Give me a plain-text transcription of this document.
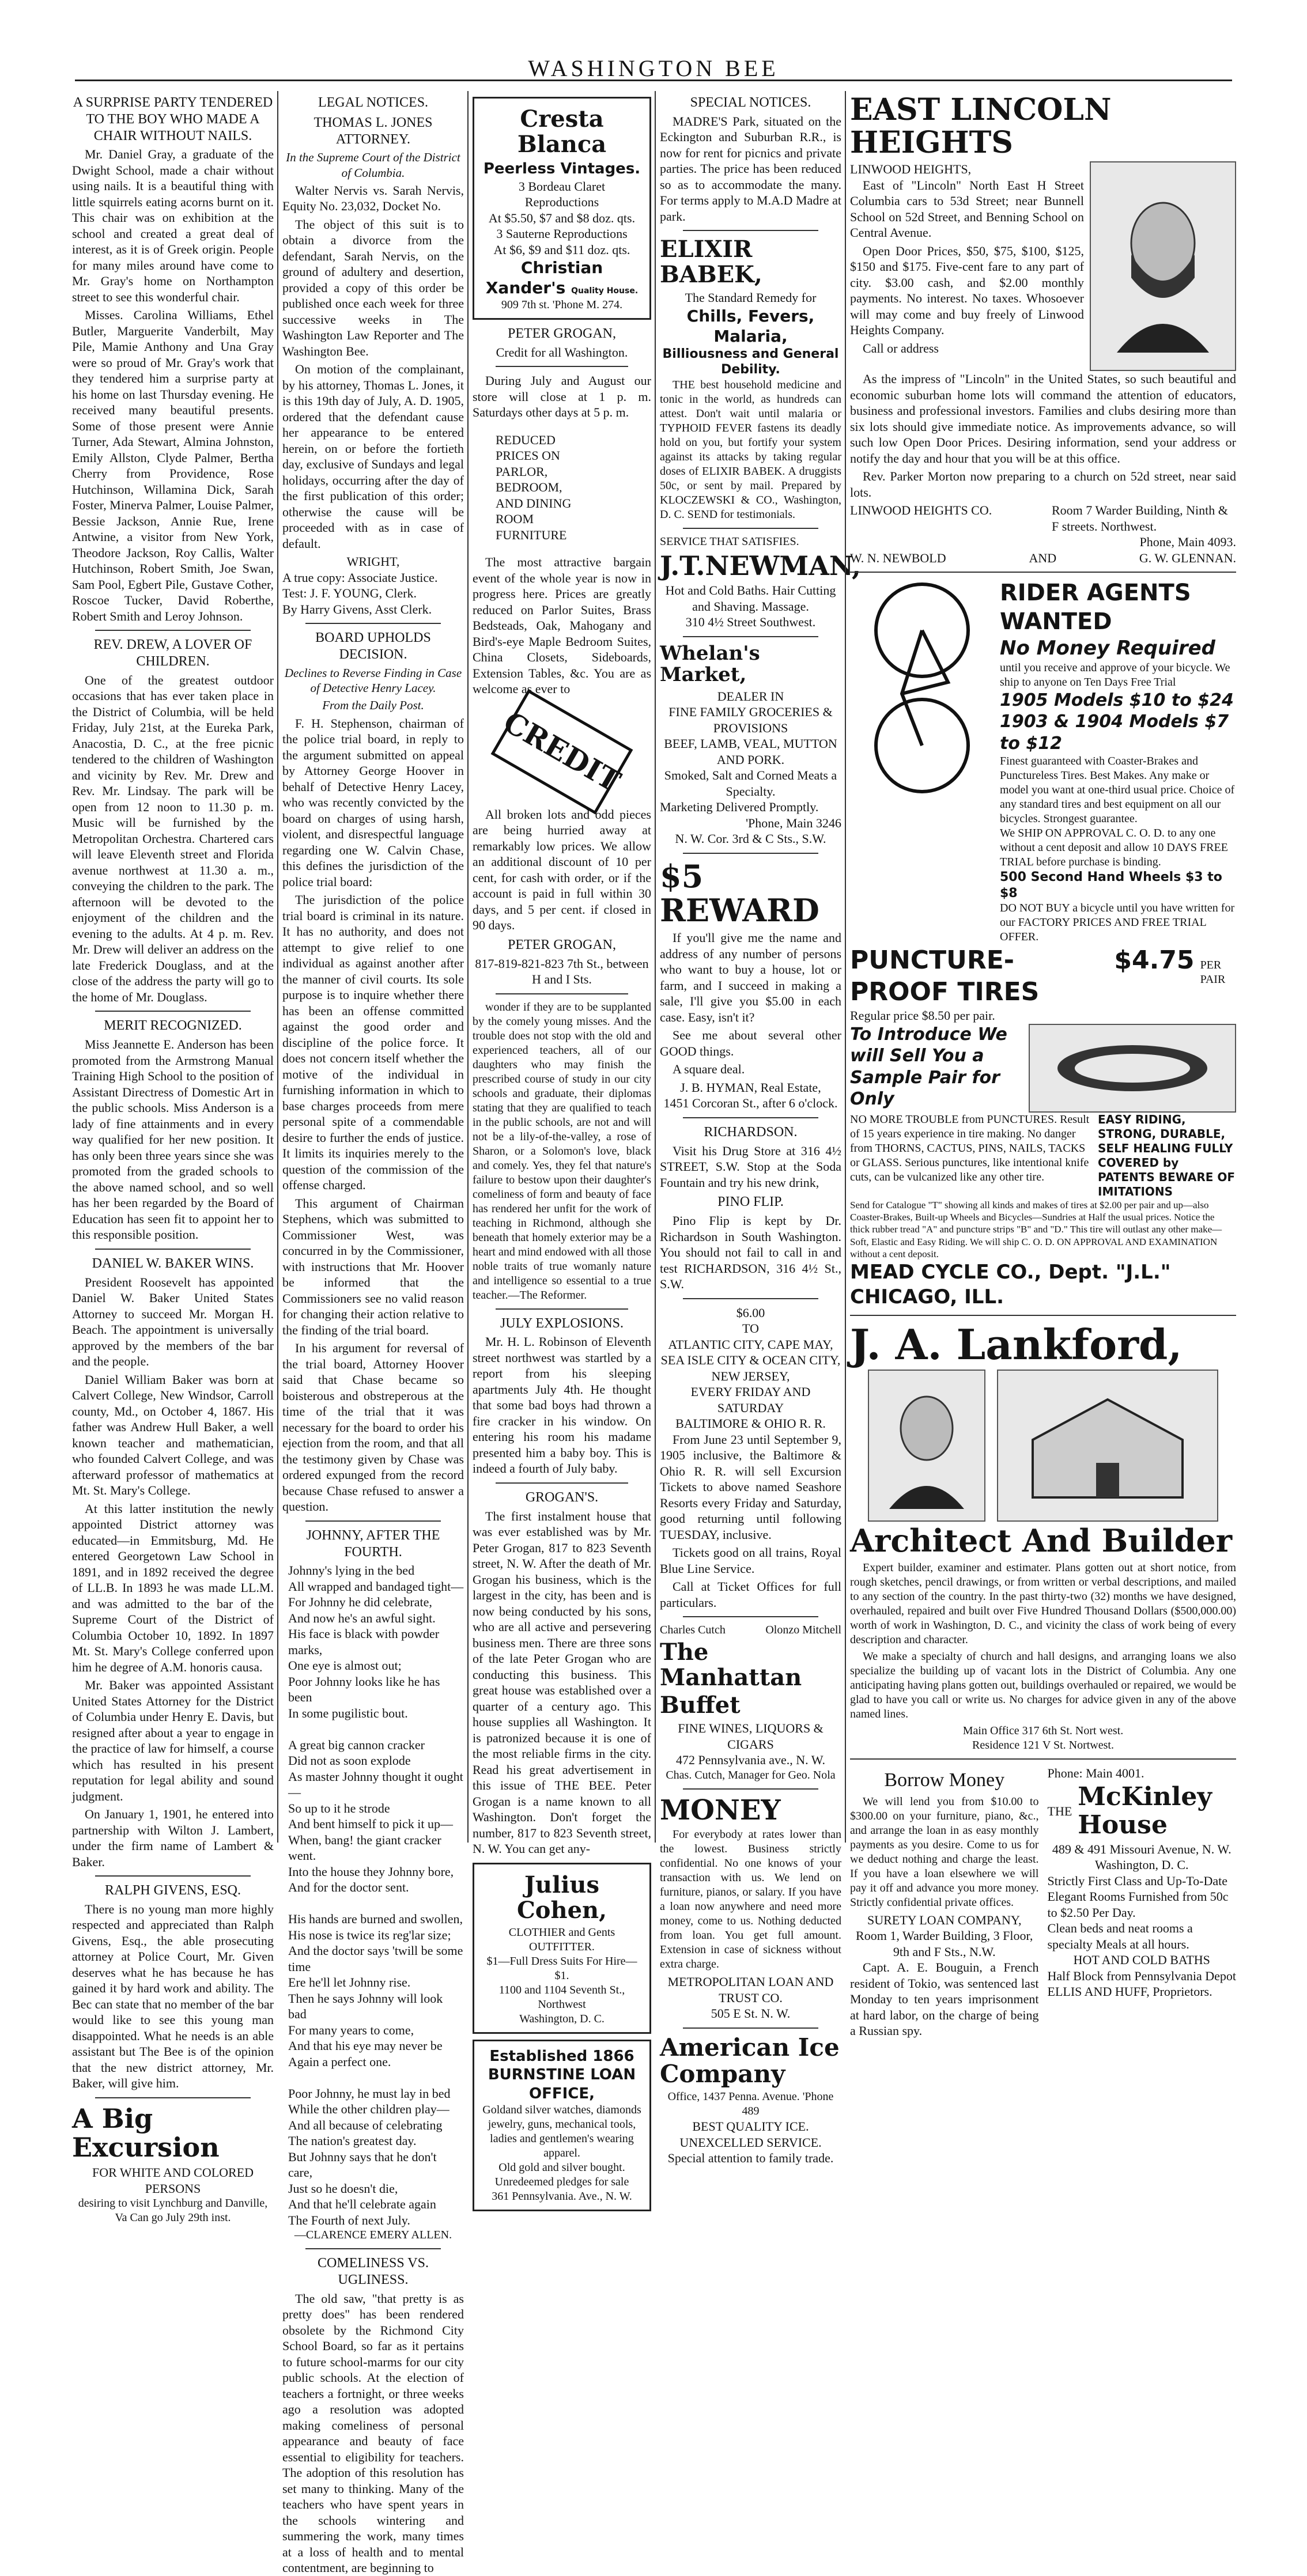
WASHINGTON BEE
A SURPRISE PARTY TENDERED TO THE BOY WHO MADE A CHAIR WITHOUT NAILS.

Mr. Daniel Gray, a graduate of the Dwight School, made a chair without using nails. It is a beautiful thing with little squirrels eating acorns burnt on it. This chair was on exhibition at the school and created a great deal of interest, as it is of Greek origin. People for many miles around have come to Mr. Gray's home on Northampton street to see this wonderful chair.

Misses. Carolina Williams, Ethel Butler, Marguerite Vanderbilt, May Pile, Mamie Anthony and Una Gray were so proud of Mr. Gray's work that they tendered him a surprise party at his home on last Thursday evening. He received many beautiful presents. Some of those present were Annie Turner, Ada Stewart, Almina Johnston, Emily Allston, Clyde Palmer, Bertha Cherry from Providence, Rose Hutchinson, Willamina Dick, Sarah Foster, Minerva Palmer, Louise Palmer, Bessie Jackson, Annie Rue, Irene Antwine, a visitor from New York, Theodore Jackson, Roy Callis, Walter Hutchinson, Robert Smith, Joe Swan, Sam Pool, Egbert Pile, Gustave Cother, Roscoe Tucker, David Roberthe, Robert Smith and Leroy Johnson.

REV. DREW, A LOVER OF CHILDREN.

One of the greatest outdoor occasions that has ever taken place in the District of Columbia, will be held Friday, July 21st, at the Eureka Park, Anacostia, D. C., at the free picnic tendered to the children of Washington and vicinity by Rev. Mr. Drew and Rev. Mr. Lindsay. The park will be open from 12 noon to 11.30 p. m. Music will be furnished by the Metropolitan Orchestra. Chartered cars will leave Eleventh street and Florida avenue northwest at 11.30 a. m., conveying the children to the park. The afternoon will be devoted to the enjoyment of the children and the evening to the adults. At 4 p. m. Rev. Mr. Drew will deliver an address on the late Frederick Douglass, and at the close of the address the party will go to the home of Mr. Douglass.

MERIT RECOGNIZED.

Miss Jeannette E. Anderson has been promoted from the Armstrong Manual Training High School to the position of Assistant Directress of Domestic Art in the public schools. Miss Anderson is a lady of fine attainments and in every way qualified for her new position. It has only been three years since she was promoted from the graded schools to the above named school, and so well has her been regarded by the Board of Education has seen fit to appoint her to this responsible position.

DANIEL W. BAKER WINS.

President Roosevelt has appointed Daniel W. Baker United States Attorney to succeed Mr. Morgan H. Beach. The appointment is universally approved by the members of the bar and the people.

Daniel William Baker was born at Calvert College, New Windsor, Carroll county, Md., on October 4, 1867. His father was Andrew Hull Baker, a well known teacher and mathematician, who founded Calvert College, and was afterward professor of mathematics at Mt. St. Mary's College.

At this latter institution the newly appointed District attorney was educated—in Emmitsburg, Md. He entered Georgetown Law School in 1891, and in 1892 received the degree of LL.B. In 1893 he was made LL.M. and was admitted to the bar of the Supreme Court of the District of Columbia October 10, 1892. In 1897 Mt. St. Mary's College conferred upon him he degree of A.M. honoris causa.

Mr. Baker was appointed Assistant United States Attorney for the District of Columbia under Henry E. Davis, but resigned after about a year to engage in the practice of law for himself, a course which has resulted in his present reputation for legal ability and sound judgment.

On January 1, 1901, he entered into partnership with Wilton J. Lambert, under the firm name of Lambert & Baker.

RALPH GIVENS, ESQ.

There is no young man more highly respected and appreciated than Ralph Givens, Esq., the able prosecuting attorney at Police Court, Mr. Given deserves what he has because he has gained it by hard work and ability. The Bec can state that no member of the bar would like to see this young man disappointed. What he needs is an able assistant but The Bee is of the opinion that the new district attorney, Mr. Baker, will give him.

A Big Excursion
FOR WHITE AND COLORED PERSONS
desiring to visit Lynchburg and Danville, Va Can go July 29th inst.
LEGAL NOTICES.
THOMAS L. JONES ATTORNEY.
In the Supreme Court of the District of Columbia.

Walter Nervis vs. Sarah Nervis, Equity No. 23,032, Docket No.

The object of this suit is to obtain a divorce from the defendant, Sarah Nervis, on the ground of adultery and desertion, provided a copy of this order be published once each week for three successive weeks in The Washington Law Reporter and The Washington Bee.

On motion of the complainant, by his attorney, Thomas L. Jones, it is this 19th day of July, A. D. 1905, ordered that the defendant cause her appearance to be entered herein, on or before the fortieth day, exclusive of Sundays and legal holidays, occurring after the day of the first publication of this order; otherwise the cause will be proceeded with as in case of default.

WRIGHT,
A true copy: Associate Justice.
Test: J. F. YOUNG, Clerk.
By Harry Givens, Asst Clerk.
BOARD UPHOLDS DECISION.
Declines to Reverse Finding in Case of Detective Henry Lacey.
From the Daily Post.

F. H. Stephenson, chairman of the police trial board, in reply to the argument submitted on appeal by Attorney George Hoover in behalf of Detective Henry Lacey, who was recently convicted by the board on charges of using harsh, violent, and disrespectful language regarding one W. Calvin Chase, this defines the jurisdiction of the police trial board:

The jurisdiction of the police trial board is criminal in its nature. It has no authority, and does not attempt to give relief to one individual as against another after the manner of civil courts. Its sole purpose is to inquire whether there has been an offense committed against the good order and discipline of the police force. It does not concern itself whether the motive of the individual in furnishing information in which to base charges proceeds from mere personal spite of a commendable desire to further the ends of justice. It limits its inquiries merely to the question of the commission of the offense charged.

This argument of Chairman Stephens, which was submitted to Commissioner West, was concurred in by the Commissioner, with instructions that Mr. Hoover be informed that the Commissioners see no valid reason for changing their action relative to the finding of the trial board.

In his argument for reversal of the trial board, Attorney Hoover said that Chase became so boisterous and obstreperous at the time of the trial that it was necessary for the board to order his ejection from the room, and that all the testimony given by Chase was ordered expunged from the record because Chase refused to answer a question.

JOHNNY, AFTER THE FOURTH.
Johnny's lying in the bed
All wrapped and bandaged tight—
For Johnny he did celebrate,
And now he's an awful sight.
His face is black with powder marks,
One eye is almost out;
Poor Johnny looks like he has been
In some pugilistic bout.

A great big cannon cracker
Did not as soon explode
As master Johnny thought it ought—
So up to it he strode
And bent himself to pick it up—
When, bang! the giant cracker went.
Into the house they Johnny bore,
And for the doctor sent.

His hands are burned and swollen,
His nose is twice its reg'lar size;
And the doctor says 'twill be some time
Ere he'll let Johnny rise.
Then he says Johnny will look bad
For many years to come,
And that his eye may never be
Again a perfect one.

Poor Johnny, he must lay in bed
While the other children play—
And all because of celebrating
The nation's greatest day.
But Johnny says that he don't care,
Just so he doesn't die,
And that he'll celebrate again
The Fourth of next July.
—CLARENCE EMERY ALLEN.
COMELINESS VS. UGLINESS.

The old saw, "that pretty is as pretty does" has been rendered obsolete by the Richmond City School Board, so far as it pertains to future school-marms for our city public schools. At the election of teachers a fortnight, or three weeks ago a resolution was adopted making comeliness of personal appearance and beauty of face essential to eligibility for teachers. The adoption of this resolution has set many to thinking. Many of the teachers who have spent years in the schools wintering and summering the work, many times at a loss of health and to mental contentment, are beginning to

Cresta Blanca
Peerless Vintages.
3 Bordeau Claret Reproductions
At $5.50, $7 and $8 doz. qts.
3 Sauterne Reproductions
At $6, $9 and $11 doz. qts.
Christian Xander's Quality House.
909 7th st. 'Phone M. 274.
PETER GROGAN,
Credit for all Washington.

During July and August our store will close at 1 p. m. Saturdays other days at 5 p. m.

REDUCED PRICES ON PARLOR, BEDROOM, AND DINING ROOM FURNITURE

The most attractive bargain event of the whole year is now in progress here. Prices are greatly reduced on Parlor Suites, Brass Bedsteads, Oak, Mahogany and Bird's-eye Maple Bedroom Suites, China Closets, Sideboards, Extension Tables, &c. You are as welcome as ever to

CREDIT

All broken lots and odd pieces are being hurried away at remarkably low prices. We allow an additional discount of 10 per cent, for cash with order, or if the account is paid in full within 30 days, and 5 per cent. if closed in 90 days.

PETER GROGAN,
817-819-821-823 7th St., between H and I Sts.

wonder if they are to be supplanted by the comely young misses. And the trouble does not stop with the old and experienced teachers, all of our daughters who may finish the prescribed course of study in our city schools and graduate, their diplomas stating that they are qualified to teach in the public schools, are not and will not be a lily-of-the-valley, a rose of Sharon, or a Solomon's love, black and comely. Yes, they fel that nature's failure to bestow upon their daughter's comeliness of form and beauty of face has rendered her unfit for the work of teaching in Richmond, although she beneath that homely exterior may be a heart and mind endowed with all those noble traits of true womanly nature and intelligence so essential to a true teacher.—The Reformer.

JULY EXPLOSIONS.

Mr. H. L. Robinson of Eleventh street northwest was startled by a report from his sleeping apartments July 4th. He thought that some bad boys had thrown a fire cracker in his window. On entering his room his madame presented him a baby boy. This is indeed a fourth of July baby.

GROGAN'S.

The first instalment house that was ever established was by Mr. Peter Grogan, 817 to 823 Seventh street, N. W. After the death of Mr. Grogan his business, which is the largest in the city, has been and is now being conducted by his sons, who are all active and persevering business men. There are three sons of the late Peter Grogan who are conducting this business. This great house was established over a quarter of a century ago. This house supplies all Washington. It is patronized because it is one of the most reliable firms in the city. Read his great advertisement in this issue of THE BEE. Peter Grogan is a name known to all Washington. Don't forget the number, 817 to 823 Seventh street, N. W. You can get any-

Julius Cohen,
CLOTHIER and Gents OUTFITTER.
$1—Full Dress Suits For Hire—$1.
1100 and 1104 Seventh St., Northwest
Washington, D. C.
Established 1866
BURNSTINE LOAN OFFICE,
Goldand silver watches, diamonds jewelry, guns, mechanical tools, ladies and gentlemen's wearing apparel.
Old gold and silver bought.
Unredeemed pledges for sale
361 Pennsylvania. Ave., N. W.
SPECIAL NOTICES.

MADRE'S Park, situated on the Eckington and Suburban R.R., is now for rent for picnics and private parties. The price has been reduced so as to accommodate the many. For terms apply to M.A.D Madre at park.

ELIXIR BABEK,
The Standard Remedy for
Chills, Fevers, Malaria,
Billiousness and General Debility.

THE best household medicine and tonic in the world, as hundreds can attest. Don't wait until malaria or TYPHOID FEVER fastens its deadly hold on you, but fortify your system against its attacks by taking regular doses of ELIXIR BABEK. A druggists 50c, or sent by mail. Prepared by KLOCZEWSKI & CO., Washington, D. C. SEND for testimonials.

SERVICE THAT SATISFIES.
J.T.NEWMAN,
Hot and Cold Baths. Hair Cutting and Shaving. Massage.
310 4½ Street Southwest.
Whelan's Market,
DEALER IN
FINE FAMILY GROCERIES & PROVISIONS
BEEF, LAMB, VEAL, MUTTON AND PORK.
Smoked, Salt and Corned Meats a Specialty.
Marketing Delivered Promptly.
'Phone, Main 3246
N. W. Cor. 3rd & C Sts., S.W.
$5 REWARD

If you'll give me the name and address of any number of persons who want to buy a house, lot or farm, and I succeed in making a sale, I'll give you $5.00 in each case. Easy, isn't it?

See me about several other GOOD things.

A square deal.

J. B. HYMAN, Real Estate,
1451 Corcoran St., after 6 o'clock.
RICHARDSON.

Visit his Drug Store at 316 4½ STREET, S.W. Stop at the Soda Fountain and try his new drink,

PINO FLIP.

Pino Flip is kept by Dr. Richardson in South Washington. You should not fail to call in and test RICHARDSON, 316 4½ St., S.W.

$6.00
TO
ATLANTIC CITY, CAPE MAY, SEA ISLE CITY & OCEAN CITY, NEW JERSEY,
EVERY FRIDAY AND SATURDAY
BALTIMORE & OHIO R. R.

From June 23 until September 9, 1905 inclusive, the Baltimore & Ohio R. R. will sell Excursion Tickets to above named Seashore Resorts every Friday and Saturday, good returning until following TUESDAY, inclusive.

Tickets good on all trains, Royal Blue Line Service.

Call at Ticket Offices for full particulars.

Charles Cutch	Olonzo Mitchell
The Manhattan
Buffet
FINE WINES, LIQUORS & CIGARS
472 Pennsylvania ave., N. W.
Chas. Cutch, Manager for Geo. Nola
MONEY

For everybody at rates lower than the lowest. Business strictly confidential. No one knows of your transaction with us. We lend on furniture, pianos, or salary. If you have a loan now anywhere and need more money, come to us. Nothing deducted from loan. You get full amount. Extension in case of sickness without extra charge.

METROPOLITAN LOAN AND TRUST CO.
505 E St. N. W.
American Ice Company
Office, 1437 Penna. Avenue. 'Phone 489
BEST QUALITY ICE.
UNEXCELLED SERVICE.
Special attention to family trade.
EAST LINCOLN HEIGHTS
LINWOOD HEIGHTS,

East of "Lincoln" North East H Street Columbia cars to 53d Street; near Bunnell School on 52d Street, and Benning School on Central Avenue.

Open Door Prices, $50, $75, $100, $125, $150 and $175. Five-cent fare to any part of city. $3.00 cash, and $2.00 monthly payments. No interest. No taxes. Whosoever will may come and buy freely of Linwood Heights Company.

Call or address

As the impress of "Lincoln" in the United States, so such beautiful and economic suburban home lots will command the attention of educators, business and professional investors. Families and clubs desiring more than six lots should give immediate notice. As improvements advance, so will such low Open Door Prices. Desiring information, send your address or notify the day and hour that you will be at this office.

Rev. Parker Morton now preparing to a church on 52d street, near said lots.

LINWOOD HEIGHTS CO.	Room 7 Warder Building, Ninth & F streets. Northwest.
Phone, Main 4093.
W. N. NEWBOLD	AND	G. W. GLENNAN.
RIDER AGENTS WANTED
No Money Required
until you receive and approve of your bicycle. We ship to anyone on Ten Days Free Trial
1905 Models $10 to $24
1903 & 1904 Models $7 to $12
Finest guaranteed with Coaster-Brakes and Punctureless Tires. Best Makes. Any make or model you want at one-third usual price. Choice of any standard tires and best equipment on all our bicycles. Strongest guarantee.
We SHIP ON APPROVAL C. O. D. to any one without a cent deposit and allow 10 DAYS FREE TRIAL before purchase is binding.
500 Second Hand Wheels $3 to $8
DO NOT BUY a bicycle until you have written for our FACTORY PRICES AND FREE TRIAL OFFER.
PUNCTURE-PROOF TIRES
$4.75 PER PAIR
Regular price $8.50 per pair.
To Introduce We will Sell You a Sample Pair for Only
NO MORE TROUBLE from PUNCTURES. Result of 15 years experience in tire making. No danger from THORNS, CACTUS, PINS, NAILS, TACKS or GLASS. Serious punctures, like intentional knife cuts, can be vulcanized like any other tire.
EASY RIDING, STRONG, DURABLE, SELF HEALING FULLY COVERED by PATENTS BEWARE OF IMITATIONS
Send for Catalogue "T" showing all kinds and makes of tires at $2.00 per pair and up—also Coaster-Brakes, Built-up Wheels and Bicycles—Sundries at Half the usual prices. Notice the thick rubber tread "A" and puncture strips "B" and "D." This tire will outlast any other make—Soft, Elastic and Easy Riding. We will ship C. O. D. ON APPROVAL AND EXAMINATION without a cent deposit.
MEAD CYCLE CO., Dept. "J.L." CHICAGO, ILL.
J. A. Lankford,
Architect And Builder

Expert builder, examiner and estimater. Plans gotten out at short notice, from rough sketches, pencil drawings, or from written or verbal descriptions, and mailed to any section of the country. In the past thirty-two (32) months we have designed, overhauled, repaired and built over Five Hundred Thousand Dollars ($500,000.00) worth of work in Washington, D. C., and vicinity the class of work being of every description and character.

We make a specialty of church and hall designs, and arranging loans we also specialize the building up of vacant lots in the District of Columbia. Any one anticipating having plans gotten out, buildings overhauled or repaired, we would be glad to have you call or write us. No charges for advice given in any of the above named lines.

Main Office 317 6th St. Nort west.
Residence 121 V St. Nortwest.
Borrow Money

We will lend you from $10.00 to $300.00 on your furniture, piano, &c., and arrange the loan in as easy monthly payments as you desire. Come to us for we deduct nothing and charge the least. If you have a loan elsewhere we will pay it off and advance you more money. Strictly confidential private offices.

SURETY LOAN COMPANY,
Room 1, Warder Building, 3 Floor, 9th and F Sts., N.W.

Capt. A. E. Bouguin, a French resident of Tokio, was sentenced last Monday to ten years imprisonment at hard labor, on the charge of being a Russian spy.

Phone: Main 4001.
THE McKinley House
489 & 491 Missouri Avenue, N. W.
Washington, D. C.
Strictly First Class and Up-To-Date Elegant Rooms Furnished from 50c to $2.50 Per Day.
Clean beds and neat rooms a specialty Meals at all hours.
HOT AND COLD BATHS
Half Block from Pennsylvania Depot
ELLIS AND HUFF, Proprietors.
